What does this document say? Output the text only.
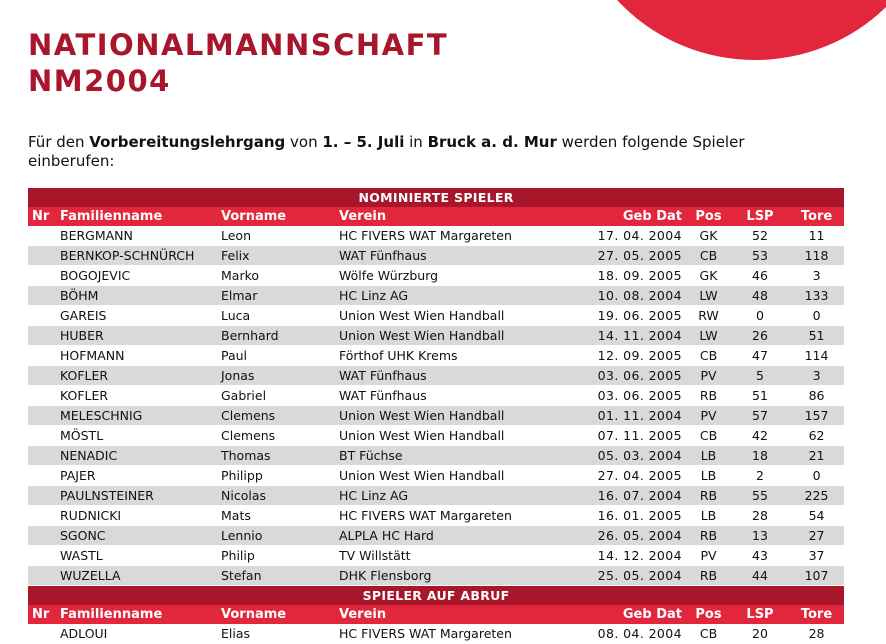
NATIONALMANNSCHAFT
NM2004

Für den Vorbereitungslehrgang von 1. – 5. Juli in Bruck a. d. Mur werden folgende Spieler einberufen:

NOMINIERTE SPIELER							
Nr	Familienname	Vorname	Verein	Geb Dat	Pos	LSP	Tore
	BERGMANN	Leon	HC FIVERS WAT Margareten	17. 04. 2004	GK	52	11
	BERNKOP-SCHNÜRCH	Felix	WAT Fünfhaus	27. 05. 2005	CB	53	118
	BOGOJEVIC	Marko	Wölfe Würzburg	18. 09. 2005	GK	46	3
	BÖHM	Elmar	HC Linz AG	10. 08. 2004	LW	48	133
	GAREIS	Luca	Union West Wien Handball	19. 06. 2005	RW	0	0
	HUBER	Bernhard	Union West Wien Handball	14. 11. 2004	LW	26	51
	HOFMANN	Paul	Förthof UHK Krems	12. 09. 2005	CB	47	114
	KOFLER	Jonas	WAT Fünfhaus	03. 06. 2005	PV	5	3
	KOFLER	Gabriel	WAT Fünfhaus	03. 06. 2005	RB	51	86
	MELESCHNIG	Clemens	Union West Wien Handball	01. 11. 2004	PV	57	157
	MÖSTL	Clemens	Union West Wien Handball	07. 11. 2005	CB	42	62
	NENADIC	Thomas	BT Füchse	05. 03. 2004	LB	18	21
	PAJER	Philipp	Union West Wien Handball	27. 04. 2005	LB	2	0
	PAULNSTEINER	Nicolas	HC Linz AG	16. 07. 2004	RB	55	225
	RUDNICKI	Mats	HC FIVERS WAT Margareten	16. 01. 2005	LB	28	54
	SGONC	Lennio	ALPLA HC Hard	26. 05. 2004	RB	13	27
	WASTL	Philip	TV Willstätt	14. 12. 2004	PV	43	37
	WUZELLA	Stefan	DHK Flensborg	25. 05. 2004	RB	44	107
SPIELER AUF ABRUF							
Nr	Familienname	Vorname	Verein	Geb Dat	Pos	LSP	Tore
	ADLOUI	Elias	HC FIVERS WAT Margareten	08. 04. 2004	CB	20	28
